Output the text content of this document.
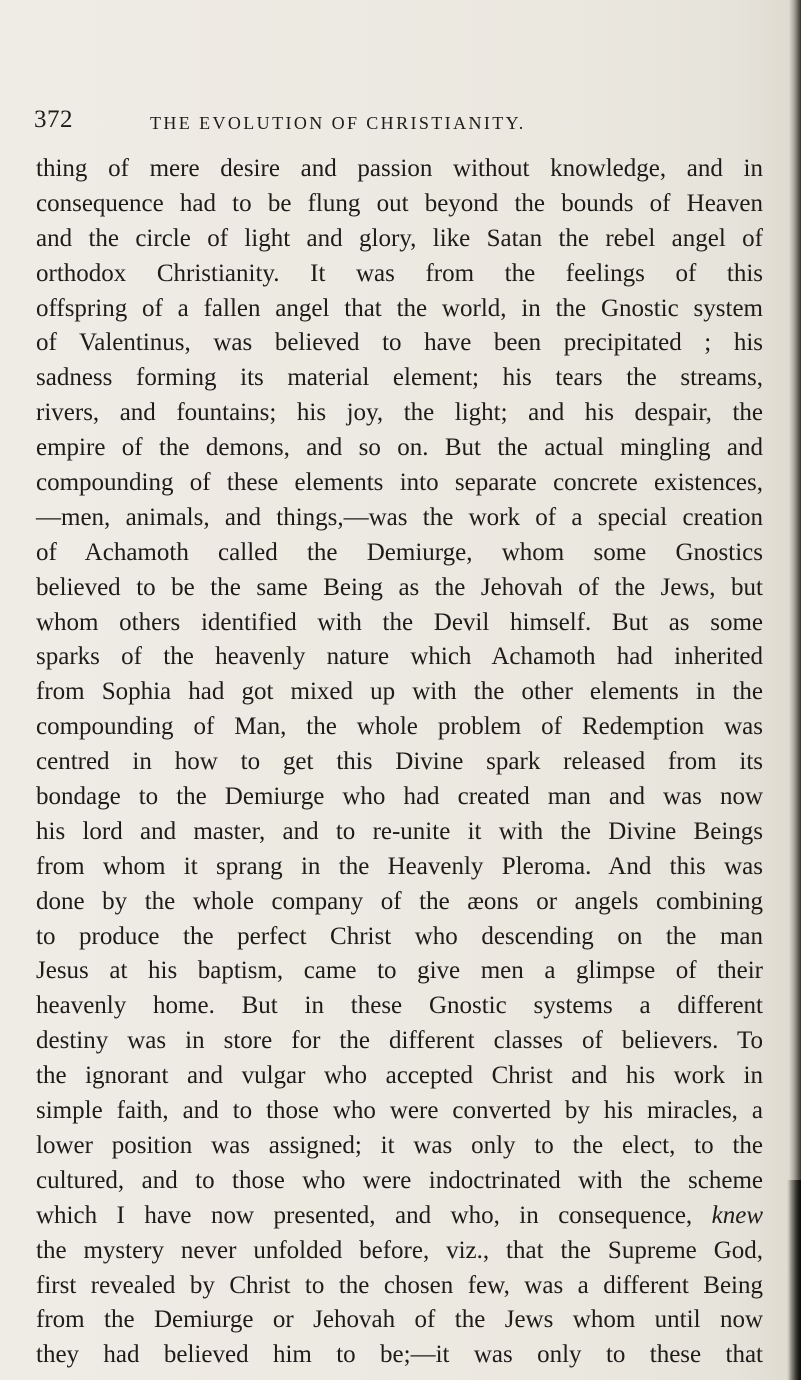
372	THE EVOLUTION OF CHRISTIANITY.
thing of mere desire and passion without knowledge, and in
consequence had to be flung out beyond the bounds of Heaven
and the circle of light and glory, like Satan the rebel angel of
orthodox Christianity. It was from the feelings of this
offspring of a fallen angel that the world, in the Gnostic system
of Valentinus, was believed to have been precipitated ; his
sadness forming its material element; his tears the streams,
rivers, and fountains; his joy, the light; and his despair, the
empire of the demons, and so on. But the actual mingling and
compounding of these elements into separate concrete existences,
—men, animals, and things,—was the work of a special creation
of Achamoth called the Demiurge, whom some Gnostics
believed to be the same Being as the Jehovah of the Jews, but
whom others identified with the Devil himself. But as some
sparks of the heavenly nature which Achamoth had inherited
from Sophia had got mixed up with the other elements in the
compounding of Man, the whole problem of Redemption was
centred in how to get this Divine spark released from its
bondage to the Demiurge who had created man and was now
his lord and master, and to re-unite it with the Divine Beings
from whom it sprang in the Heavenly Pleroma. And this was
done by the whole company of the æons or angels combining
to produce the perfect Christ who descending on the man
Jesus at his baptism, came to give men a glimpse of their
heavenly home. But in these Gnostic systems a different
destiny was in store for the different classes of believers. To
the ignorant and vulgar who accepted Christ and his work in
simple faith, and to those who were converted by his miracles, a
lower position was assigned; it was only to the elect, to the
cultured, and to those who were indoctrinated with the scheme
which I have now presented, and who, in consequence, knew
the mystery never unfolded before, viz., that the Supreme God,
first revealed by Christ to the chosen few, was a different Being
from the Demiurge or Jehovah of the Jews whom until now
they had believed him to be;—it was only to these that
